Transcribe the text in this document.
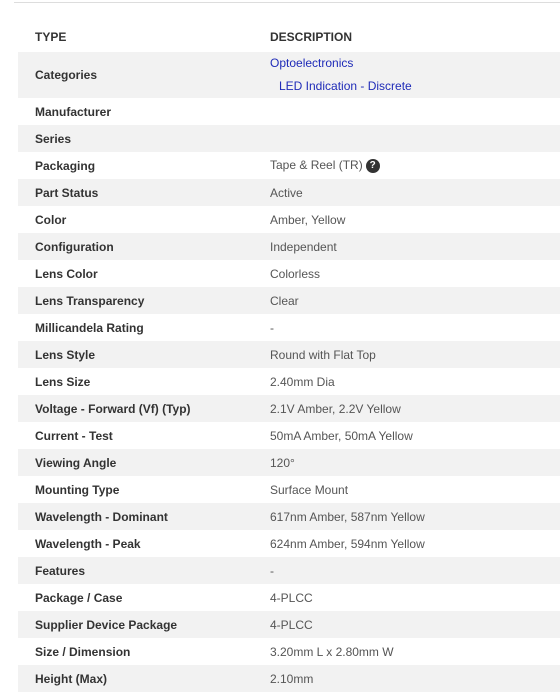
TYPE	DESCRIPTION
Categories	Optoelectronics
LED Indication - Discrete

Manufacturer	
Series	
Packaging	Tape & Reel (TR) ?
Part Status	Active
Color	Amber, Yellow
Configuration	Independent
Lens Color	Colorless
Lens Transparency	Clear
Millicandela Rating	-
Lens Style	Round with Flat Top
Lens Size	2.40mm Dia
Voltage - Forward (Vf) (Typ)	2.1V Amber, 2.2V Yellow
Current - Test	50mA Amber, 50mA Yellow
Viewing Angle	120°
Mounting Type	Surface Mount
Wavelength - Dominant	617nm Amber, 587nm Yellow
Wavelength - Peak	624nm Amber, 594nm Yellow
Features	-
Package / Case	4-PLCC
Supplier Device Package	4-PLCC
Size / Dimension	3.20mm L x 2.80mm W
Height (Max)	2.10mm
